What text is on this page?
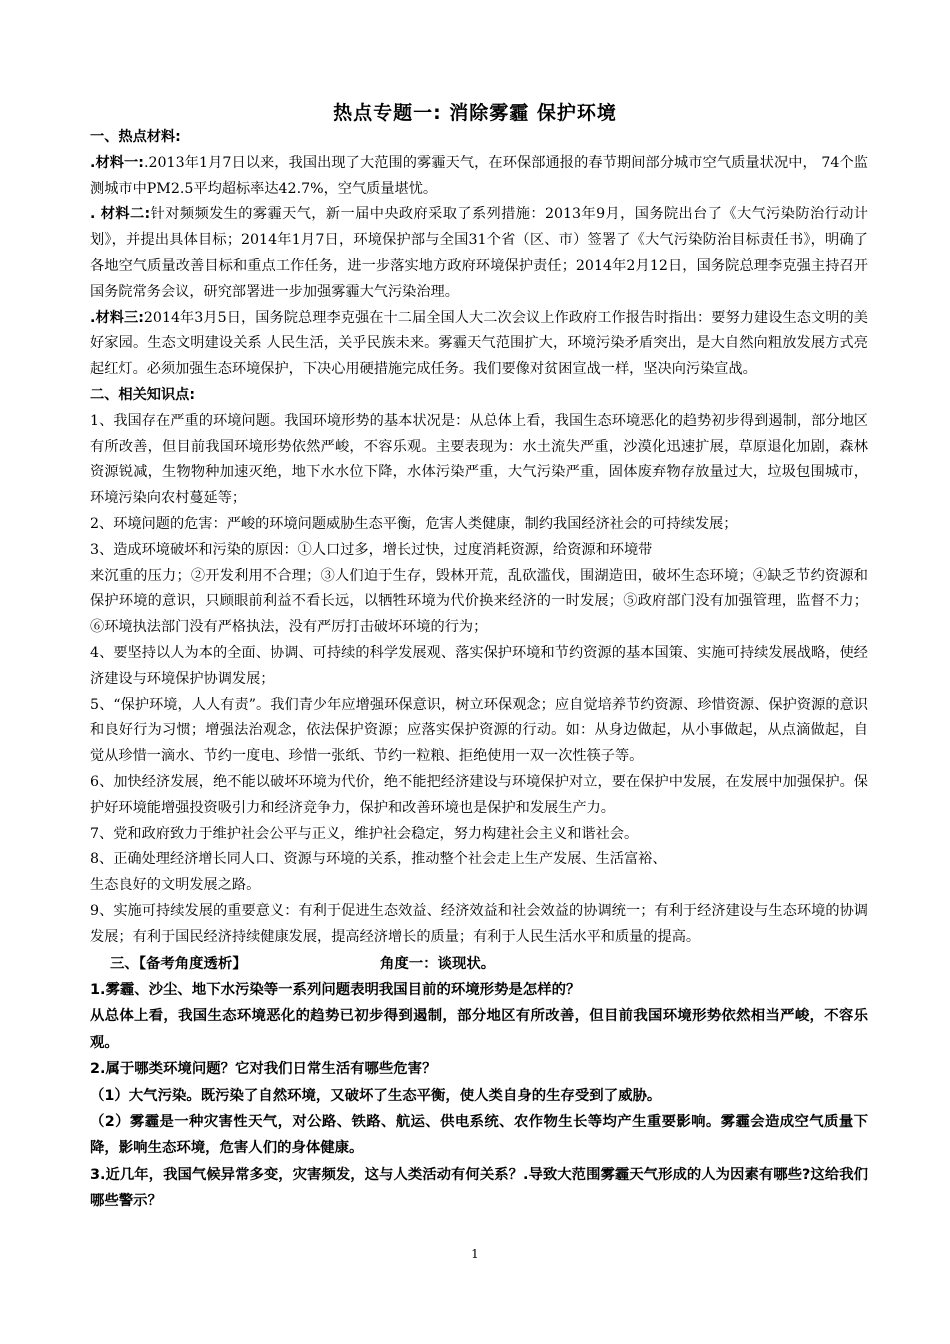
热点专题一: 消除雾霾 保护环境

一、热点材料:

.材料一:.2013年1月7日以来，我国出现了大范围的雾霾天气，在环保部通报的春节期间部分城市空气质量状况中， 74个监测城市中PM2.5平均超标率达42.7%，空气质量堪忧。

. 材料二:针对频频发生的雾霾天气，新一届中央政府采取了系列措施：2013年9月，国务院出台了《大气污染防治行动计划》，并提出具体目标；2014年1月7日，环境保护部与全国31个省（区、市）签署了《大气污染防治目标责任书》，明确了各地空气质量改善目标和重点工作任务，进一步落实地方政府环境保护责任；2014年2月12日，国务院总理李克强主持召开国务院常务会议，研究部署进一步加强雾霾大气污染治理。

.材料三:2014年3月5日，国务院总理李克强在十二届全国人大二次会议上作政府工作报告时指出：要努力建设生态文明的美好家园。生态文明建设关系 人民生活，关乎民族未来。雾霾天气范围扩大，环境污染矛盾突出，是大自然向粗放发展方式亮起红灯。必须加强生态环境保护，下决心用硬措施完成任务。我们要像对贫困宣战一样，坚决向污染宣战。

二、相关知识点:

1、我国存在严重的环境问题。我国环境形势的基本状况是：从总体上看，我国生态环境恶化的趋势初步得到遏制，部分地区有所改善，但目前我国环境形势依然严峻，不容乐观。主要表现为：水土流失严重，沙漠化迅速扩展，草原退化加剧，森林资源锐减，生物物种加速灭绝，地下水水位下降，水体污染严重，大气污染严重，固体废弃物存放量过大，垃圾包围城市，环境污染向农村蔓延等；

2、环境问题的危害：严峻的环境问题威胁生态平衡，危害人类健康，制约我国经济社会的可持续发展；

3、造成环境破坏和污染的原因：①人口过多，增长过快，过度消耗资源，给资源和环境带

来沉重的压力；②开发利用不合理；③人们迫于生存，毁林开荒，乱砍滥伐，围湖造田，破坏生态环境；④缺乏节约资源和保护环境的意识，只顾眼前利益不看长远，以牺牲环境为代价换来经济的一时发展；⑤政府部门没有加强管理，监督不力；⑥环境执法部门没有严格执法，没有严厉打击破坏环境的行为；

4、要坚持以人为本的全面、协调、可持续的科学发展观、落实保护环境和节约资源的基本国策、实施可持续发展战略，使经济建设与环境保护协调发展；

5、“保护环境，人人有责”。我们青少年应增强环保意识，树立环保观念；应自觉培养节约资源、珍惜资源、保护资源的意识和良好行为习惯；增强法治观念，依法保护资源；应落实保护资源的行动。如：从身边做起，从小事做起，从点滴做起，自觉从珍惜一滴水、节约一度电、珍惜一张纸、节约一粒粮、拒绝使用一双一次性筷子等。

6、加快经济发展，绝不能以破坏环境为代价，绝不能把经济建设与环境保护对立，要在保护中发展，在发展中加强保护。保护好环境能增强投资吸引力和经济竞争力，保护和改善环境也是保护和发展生产力。

7、党和政府致力于维护社会公平与正义，维护社会稳定，努力构建社会主义和谐社会。

8、正确处理经济增长同人口、资源与环境的关系，推动整个社会走上生产发展、生活富裕、

生态良好的文明发展之路。

9、实施可持续发展的重要意义：有利于促进生态效益、经济效益和社会效益的协调统一；有利于经济建设与生态环境的协调发展；有利于国民经济持续健康发展，提高经济增长的质量；有利于人民生活水平和质量的提高。

三、【备考角度透析】	角度一：谈现状。

1.雾霾、沙尘、地下水污染等一系列问题表明我国目前的环境形势是怎样的？

从总体上看，我国生态环境恶化的趋势已初步得到遏制，部分地区有所改善，但目前我国环境形势依然相当严峻，不容乐观。

2.属于哪类环境问题？它对我们日常生活有哪些危害？

（1）大气污染。既污染了自然环境，又破坏了生态平衡，使人类自身的生存受到了威胁。

（2）雾霾是一种灾害性天气，对公路、铁路、航运、供电系统、农作物生长等均产生重要影响。雾霾会造成空气质量下降，影响生态环境，危害人们的身体健康。

3.近几年，我国气候异常多变，灾害频发，这与人类活动有何关系？.导致大范围雾霾天气形成的人为因素有哪些?这给我们哪些警示？

1
